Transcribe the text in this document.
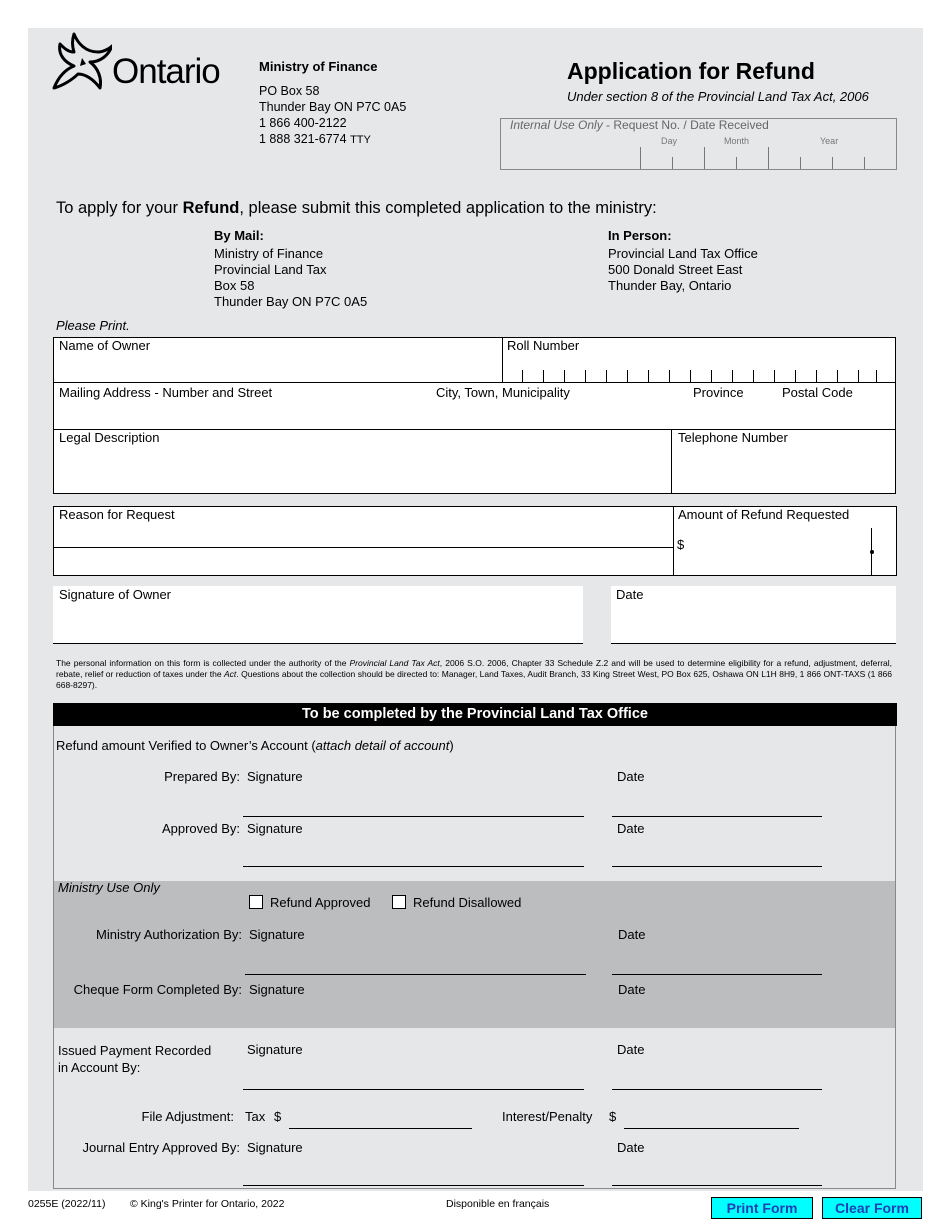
Ontario	Ministry of Finance
PO Box 58
Thunder Bay ON P7C 0A5
1 866 400-2122
1 888 321-6774 TTY
Application for Refund
Under section 8 of the Provincial Land Tax Act, 2006
Internal Use Only - Request No. / Date Received
Day	Month	Year
To apply for your Refund, please submit this completed application to the ministry:
By Mail:
Ministry of Finance
Provincial Land Tax
Box 58
Thunder Bay ON P7C 0A5
In Person:
Provincial Land Tax Office
500 Donald Street East
Thunder Bay, Ontario
Please Print.
Name of Owner	Roll Number
Mailing Address - Number and Street	City, Town, Municipality	Province	Postal Code
Legal Description	Telephone Number
Reason for Request	Amount of Refund Requested
$
Signature of Owner	Date
The personal information on this form is collected under the authority of the Provincial Land Tax Act, 2006 S.O. 2006, Chapter 33 Schedule Z.2 and will be used to determine eligibility for a refund, adjustment, deferral, rebate, relief or reduction of taxes under the Act. Questions about the collection should be directed to: Manager, Land Taxes, Audit Branch, 33 King Street West, PO Box 625, Oshawa ON L1H 8H9, 1 866 ONT-TAXS (1 866 668-8297).
To be completed by the Provincial Land Tax Office
Refund amount Verified to Owner’s Account (attach detail of account)
Prepared By: Signature	Date
Approved By: Signature	Date
Ministry Use Only
Refund Approved	Refund Disallowed
Ministry Authorization By: Signature	Date
Cheque Form Completed By: Signature	Date
Issued Payment Recorded
in Account By:
Signature	Date
File Adjustment: Tax $	Interest/Penalty $
Journal Entry Approved By: Signature	Date
0255E (2022/11) © King's Printer for Ontario, 2022	Disponible en français	Print Form	Clear Form
